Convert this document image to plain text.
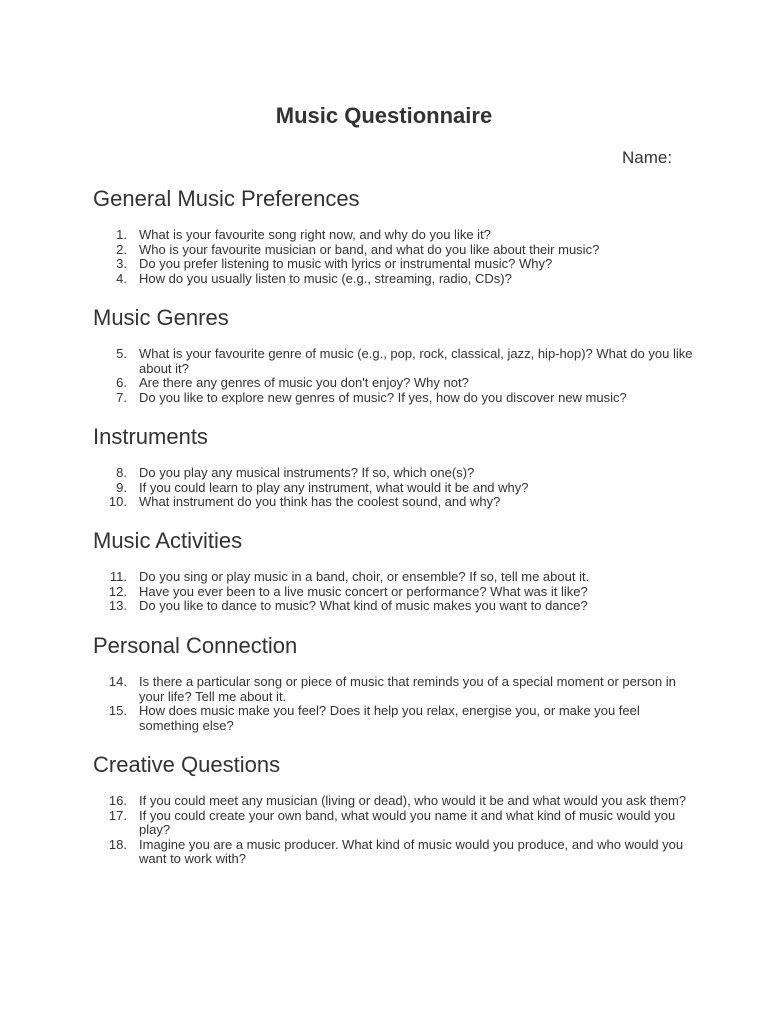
Music Questionnaire
Name:
General Music Preferences
1. What is your favourite song right now, and why do you like it?
2. Who is your favourite musician or band, and what do you like about their music?
3. Do you prefer listening to music with lyrics or instrumental music? Why?
4. How do you usually listen to music (e.g., streaming, radio, CDs)?
Music Genres
5. What is your favourite genre of music (e.g., pop, rock, classical, jazz, hip-hop)? What do you like about it?
6. Are there any genres of music you don't enjoy? Why not?
7. Do you like to explore new genres of music? If yes, how do you discover new music?
Instruments
8. Do you play any musical instruments? If so, which one(s)?
9. If you could learn to play any instrument, what would it be and why?
10. What instrument do you think has the coolest sound, and why?
Music Activities
11. Do you sing or play music in a band, choir, or ensemble? If so, tell me about it.
12. Have you ever been to a live music concert or performance? What was it like?
13. Do you like to dance to music? What kind of music makes you want to dance?
Personal Connection
14. Is there a particular song or piece of music that reminds you of a special moment or person in your life? Tell me about it.
15. How does music make you feel? Does it help you relax, energise you, or make you feel something else?
Creative Questions
16. If you could meet any musician (living or dead), who would it be and what would you ask them?
17. If you could create your own band, what would you name it and what kind of music would you play?
18. Imagine you are a music producer. What kind of music would you produce, and who would you want to work with?
